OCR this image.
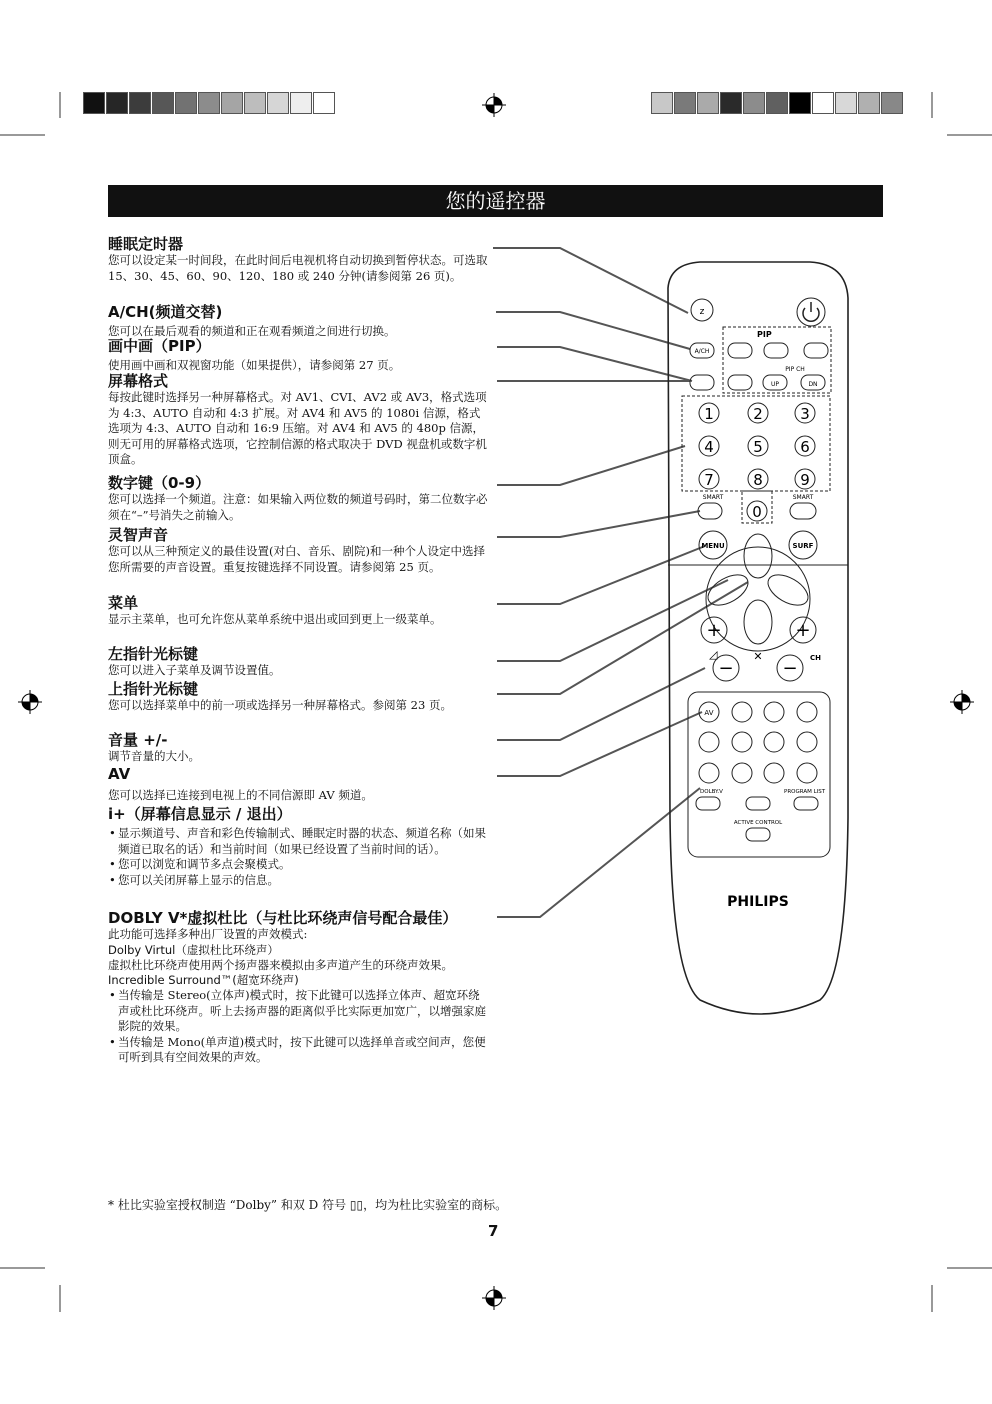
您的遥控器
睡眠定时器

您可以设定某一时间段，在此时间后电视机将自动切换到暂停状态。可选取 15、30、45、60、90、120、180 或 240 分钟(请参阅第 26 页)。

A/CH(频道交替)

您可以在最后观看的频道和正在观看频道之间进行切换。

画中画（PIP）

使用画中画和双视窗功能（如果提供），请参阅第 27 页。

屏幕格式

每按此键时选择另一种屏幕格式。对 AV1、CVI、AV2 或 AV3，格式选项为 4:3、AUTO 自动和 4:3 扩展。对 AV4 和 AV5 的 1080i 信源，格式选项为 4:3、AUTO 自动和 16:9 压缩。对 AV4 和 AV5 的 480p 信源，则无可用的屏幕格式选项，它控制信源的格式取决于 DVD 视盘机或数字机顶盒。

数字键（0-9）

您可以选择一个频道。注意：如果输入两位数的频道号码时，第二位数字必须在“–”号消失之前输入。

灵智声音

您可以从三种预定义的最佳设置(对白、音乐、剧院)和一种个人设定中选择您所需要的声音设置。重复按键选择不同设置。请参阅第 25 页。

菜单

显示主菜单，也可允许您从菜单系统中退出或回到更上一级菜单。

左指针光标键

您可以进入子菜单及调节设置值。

上指针光标键

您可以选择菜单中的前一项或选择另一种屏幕格式。参阅第 23 页。

音量 +/-

调节音量的大小。

AV

您可以选择已连接到电视上的不同信源即 AV 频道。

i+（屏幕信息显示 / 退出）
• 显示频道号、声音和彩色传输制式、睡眠定时器的状态、频道名称（如果频道已取名的话）和当前时间（如果已经设置了当前时间的话）。
• 您可以浏览和调节多点会聚模式。
• 您可以关闭屏幕上显示的信息。
DOBLY V*虚拟杜比（与杜比环绕声信号配合最佳）

此功能可选择多种出厂设置的声效模式:

Dolby Virtul（虚拟杜比环绕声）

虚拟杜比环绕声使用两个扬声器来模拟由多声道产生的环绕声效果。

Incredible Surround™(超宽环绕声)
• 当传输是 Stereo(立体声)模式时，按下此键可以选择立体声、超宽环绕声或杜比环绕声。听上去扬声器的距离似乎比实际更加宽广，以增强家庭影院的效果。
• 当传输是 Mono(单声道)模式时，按下此键可以选择单音或空间声，您便可听到具有空间效果的声效。
* 杜比实验室授权制造 “Dolby” 和双 D 符号 ▯▯，均为杜比实验室的商标。
7
z
PIP
A/CH
PIP CH
UP	DN
1	2 3
4	5 6
7	8 9
0
SMART	SMART
MENU	SURF
+	+
−	−
◿	✕	CH
AV
DOLBY.V	PROGRAM LIST
ACTIVE CONTROL
PHILIPS
